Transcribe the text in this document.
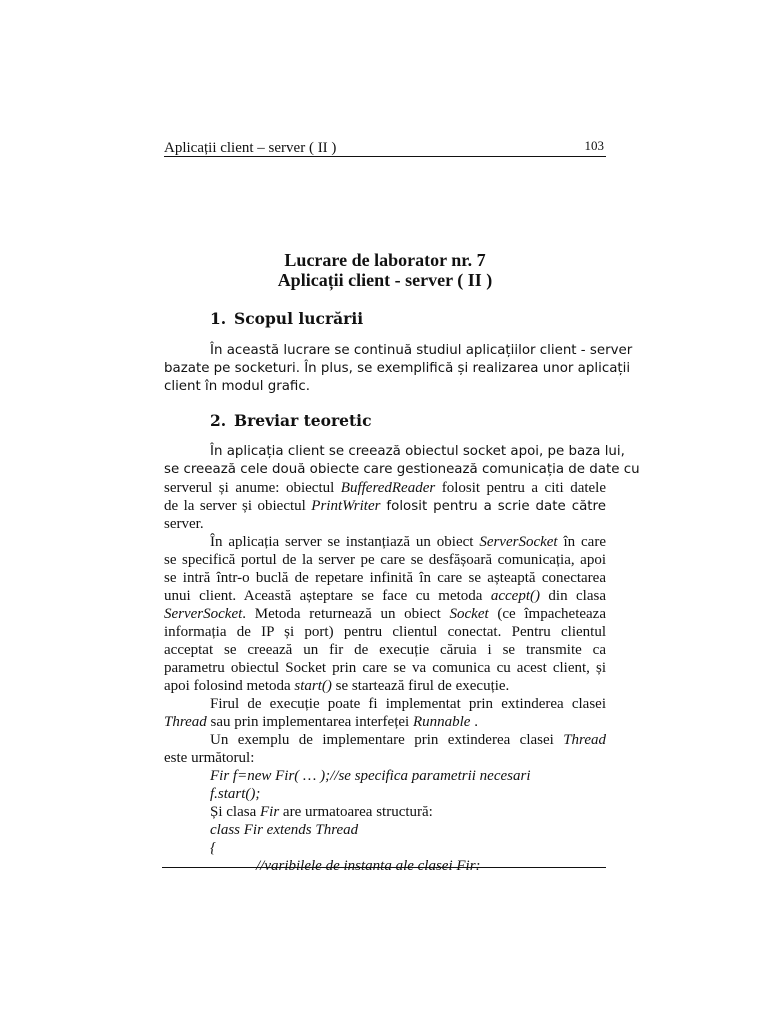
Aplicații client – server ( II )	103
Lucrare de laborator nr. 7
Aplicații client - server ( II )
1. Scopul lucrării
În această lucrare se continuă studiul aplicațiilor client - server
bazate pe socketuri. În plus, se exemplifică și realizarea unor aplicații
client în modul grafic.
2. Breviar teoretic
În aplicația client se creează obiectul socket apoi, pe baza lui,
se creează cele două obiecte care gestionează comunicația de date cu
serverul și anume: obiectul BufferedReader folosit pentru a citi datele
de la server și obiectul PrintWriter folosit pentru a scrie date către
server.
În aplicația server se instanțiază un obiect ServerSocket în care
se specifică portul de la server pe care se desfășoară comunicația, apoi
se intră într-o buclă de repetare infinită în care se așteaptă conectarea
unui client. Această așteptare se face cu metoda accept() din clasa
ServerSocket. Metoda returnează un obiect Socket (ce împacheteaza
informația de IP și port) pentru clientul conectat. Pentru clientul
acceptat se creează un fir de execuție căruia i se transmite ca
parametru obiectul Socket prin care se va comunica cu acest client, și
apoi folosind metoda start() se startează firul de execuție.
Firul de execuție poate fi implementat prin extinderea clasei
Thread sau prin implementarea interfeței Runnable .
Un exemplu de implementare prin extinderea clasei Thread
este următorul:
Fir f=new Fir( … );//se specifica parametrii necesari
f.start();
Și clasa Fir are urmatoarea structură:
class Fir extends Thread
{
//varibilele de instanta ale clasei Fir:
